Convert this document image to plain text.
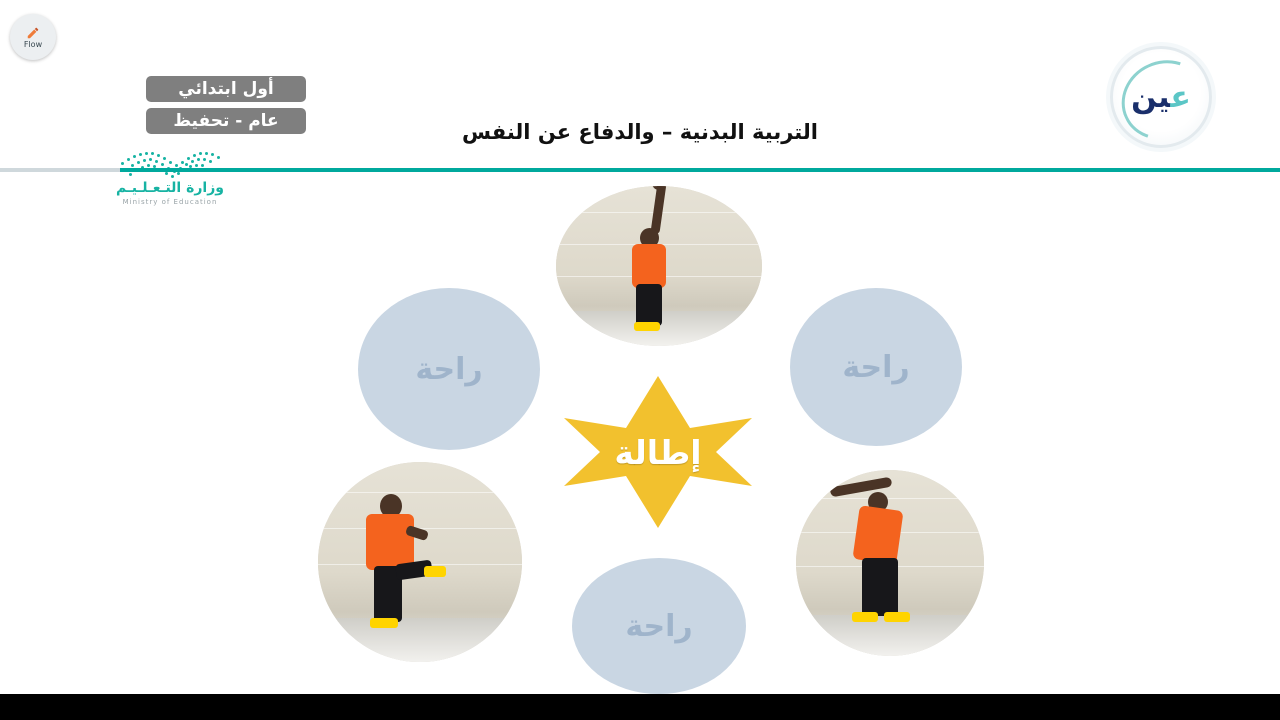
Flow
أول ابتدائي
عام - تحفيظ
وزارة التـعـلـيـم
Ministry of Education
التربية البدنية – والدفاع عن النفس
عين
راحة	راحة
راحة
إطالة
